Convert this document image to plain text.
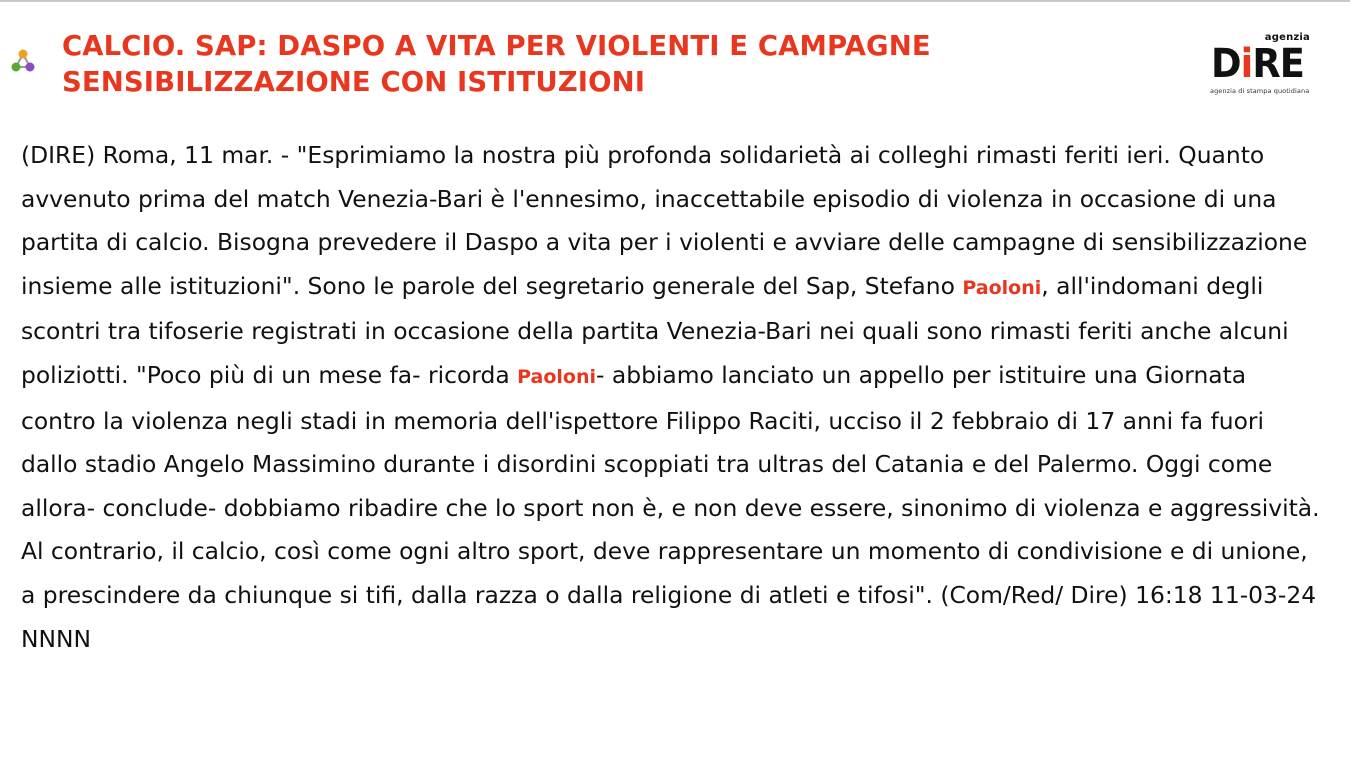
CALCIO. SAP: DASPO A VITA PER VIOLENTI E CAMPAGNE SENSIBILIZZAZIONE CON ISTITUZIONI
agenzia
DiRE
agenzia di stampa quotidiana

(DIRE) Roma, 11 mar. - "Esprimiamo la nostra più profonda solidarietà ai colleghi rimasti feriti ieri. Quanto avvenuto prima del match Venezia-Bari è l'ennesimo, inaccettabile episodio di violenza in occasione di una partita di calcio. Bisogna prevedere il Daspo a vita per i violenti e avviare delle campagne di sensibilizzazione insieme alle istituzioni". Sono le parole del segretario generale del Sap, Stefano Paoloni, all'indomani degli scontri tra tifoserie registrati in occasione della partita Venezia-Bari nei quali sono rimasti feriti anche alcuni poliziotti. "Poco più di un mese fa- ricorda Paoloni- abbiamo lanciato un appello per istituire una Giornata contro la violenza negli stadi in memoria dell'ispettore Filippo Raciti, ucciso il 2 febbraio di 17 anni fa fuori dallo stadio Angelo Massimino durante i disordini scoppiati tra ultras del Catania e del Palermo. Oggi come allora- conclude- dobbiamo ribadire che lo sport non è, e non deve essere, sinonimo di violenza e aggressività. Al contrario, il calcio, così come ogni altro sport, deve rappresentare un momento di condivisione e di unione, a prescindere da chiunque si tifi, dalla razza o dalla religione di atleti e tifosi". (Com/Red/ Dire) 16:18 11-03-24 NNNN
